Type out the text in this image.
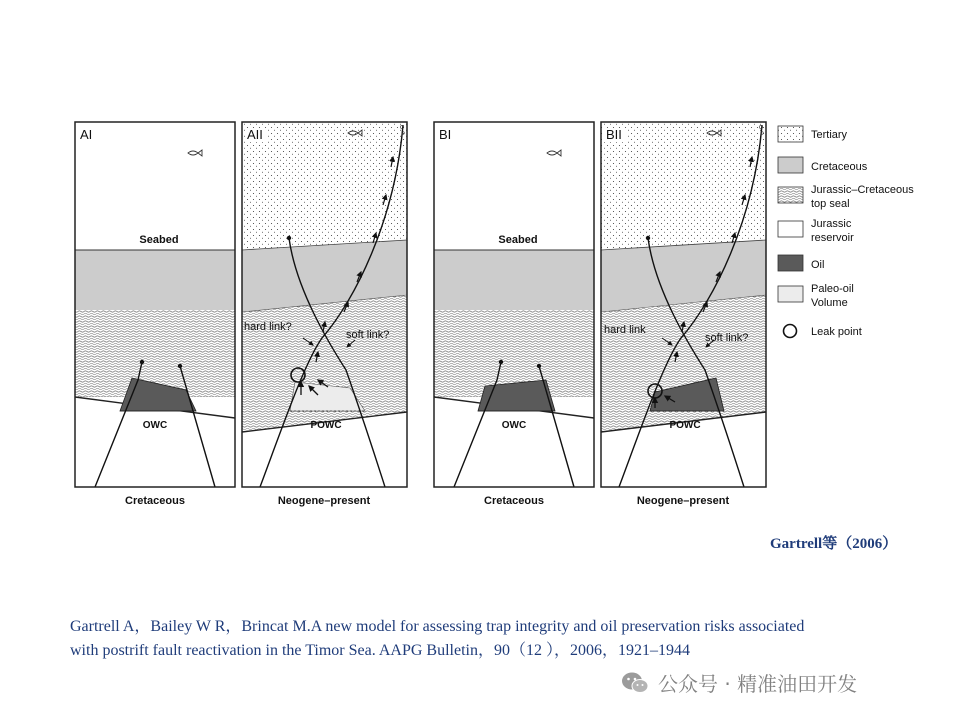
AI
Seabed
OWC
Cretaceous
AII
hard link?
soft link?
POWC
Neogene–present
BI
Seabed
OWC
Cretaceous
BII
hard link
soft link?
POWC
Neogene–present
Tertiary
Cretaceous
Jurassic–Cretaceous
top seal
Jurassic
reservoir
Oil
Paleo-oil
Volume
Leak point
Gartrell等（2006）
Gartrell A，Bailey W R，Brincat M.A new model for assessing trap integrity and oil preservation risks associated
with postrift fault reactivation in the Timor Sea. AAPG Bulletin，90（12 ），2006，1921–1944
公众号 · 精准油田开发
